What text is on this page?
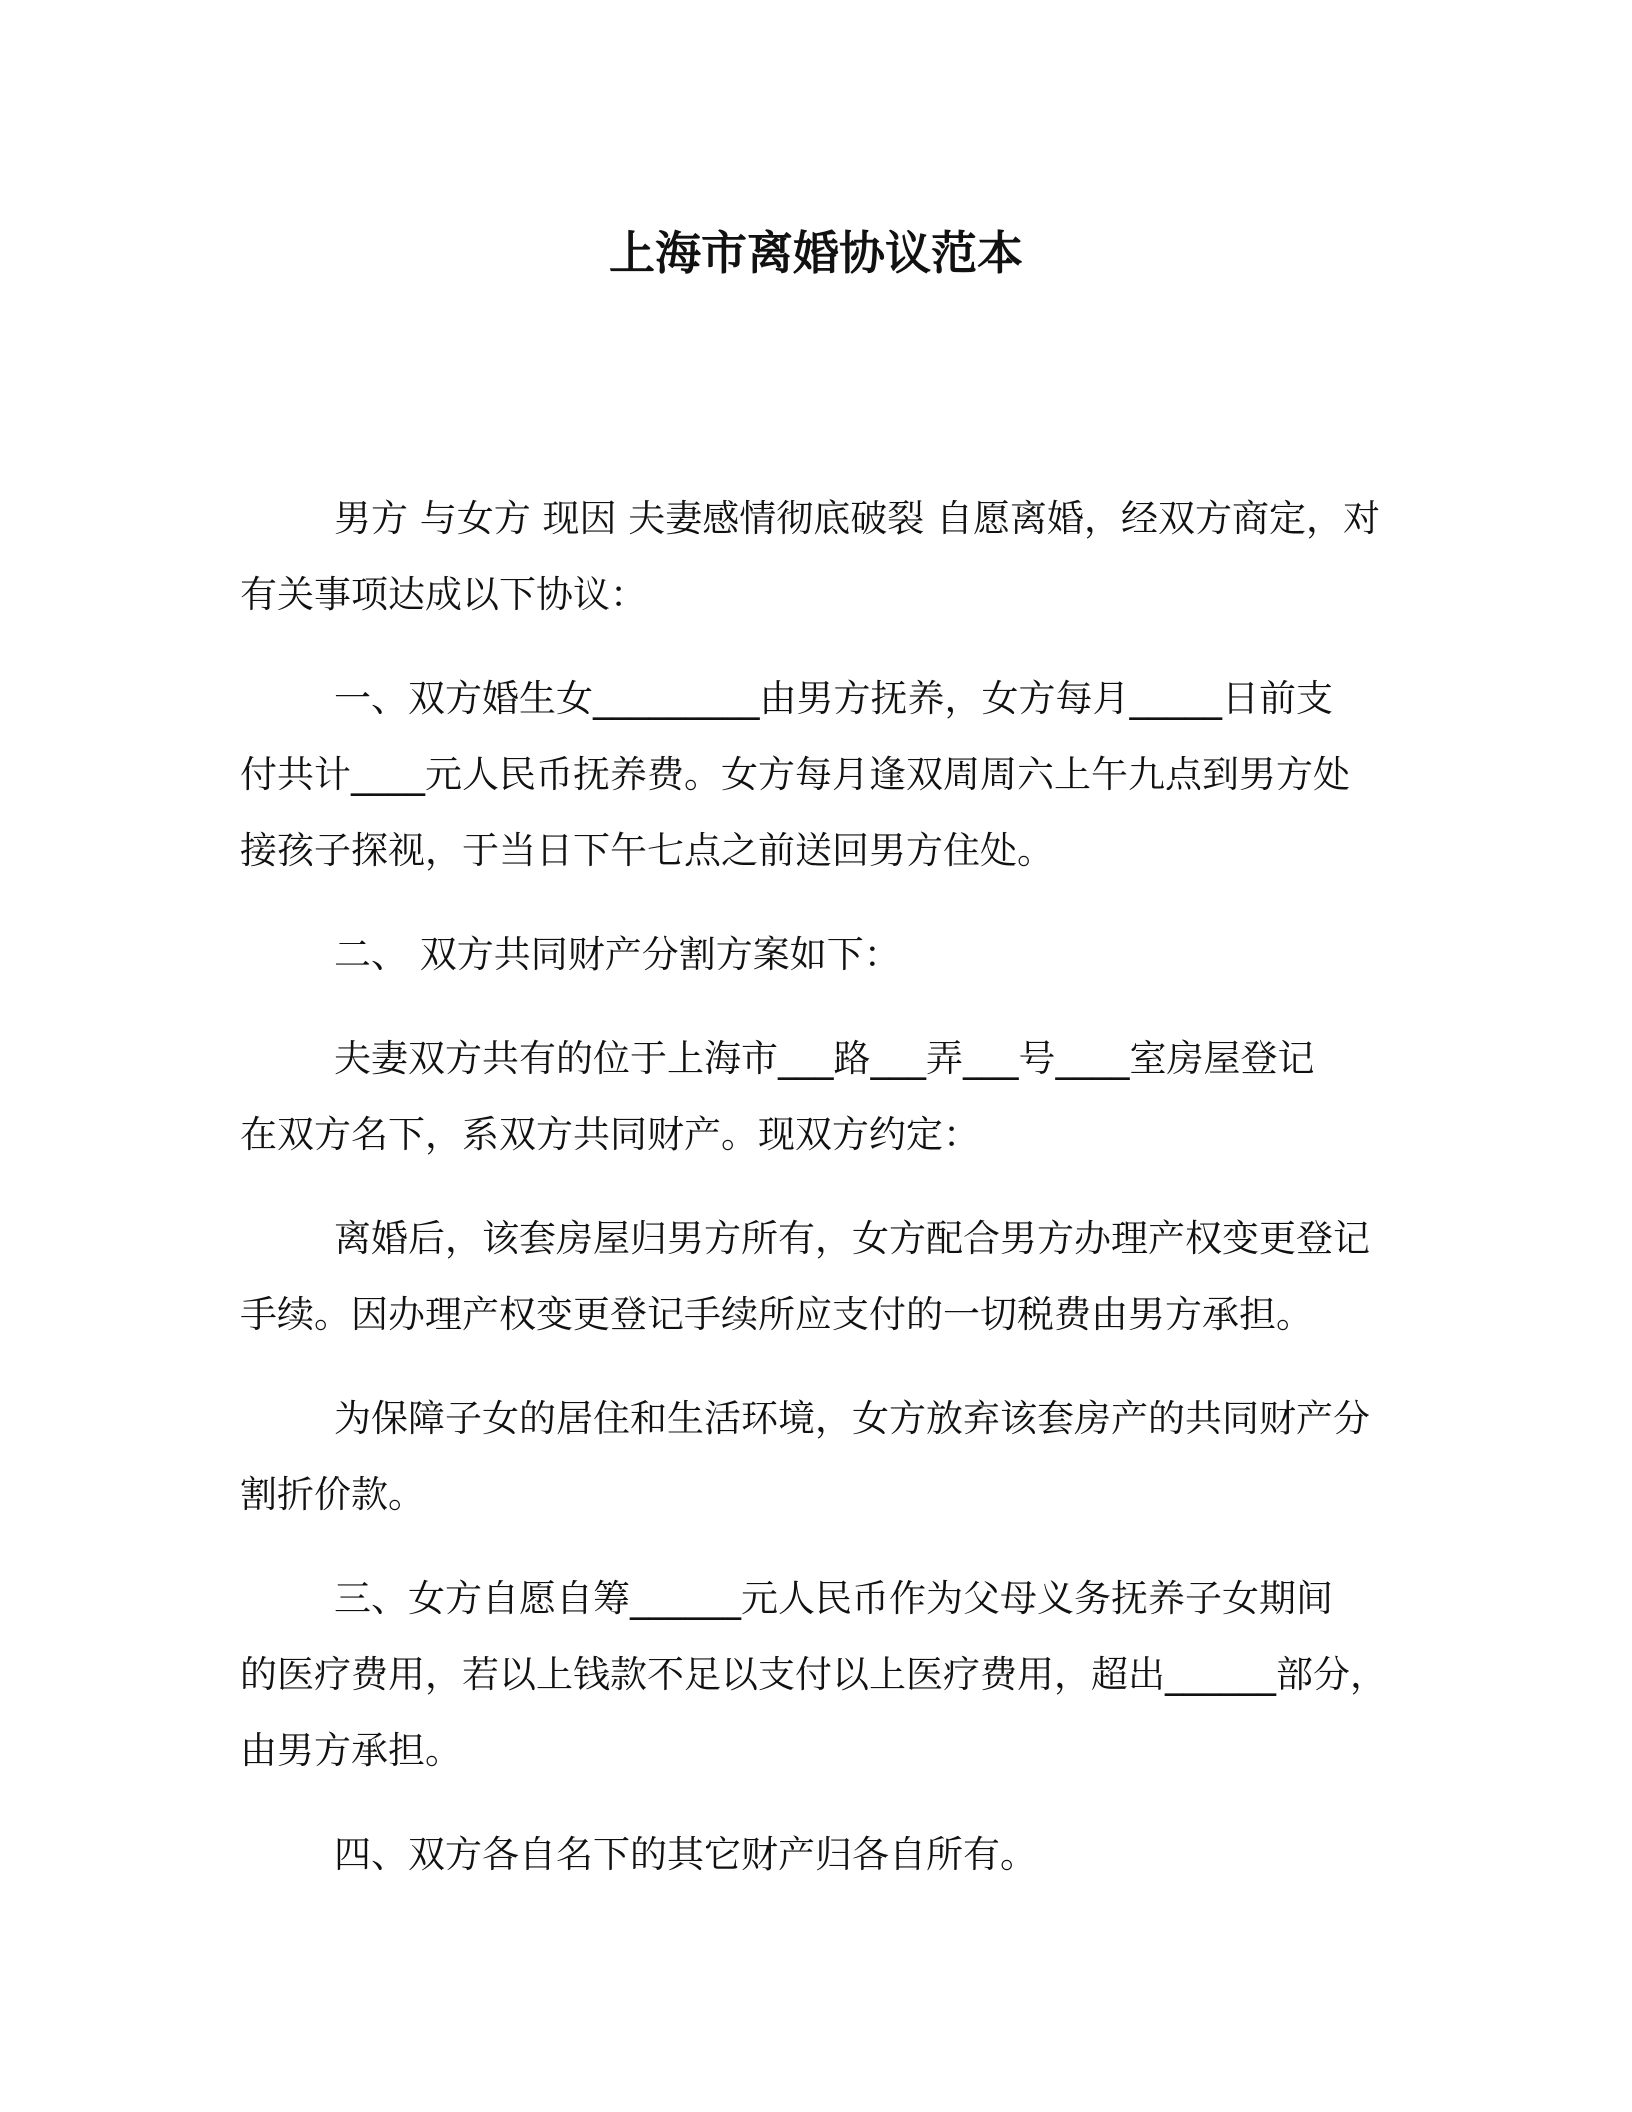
上海市离婚协议范本
男方 与女方 现因 夫妻感情彻底破裂 自愿离婚，经双方商定，对
有关事项达成以下协议：
一、双方婚生女_________由男方抚养，女方每月_____日前支
付共计____元人民币抚养费。女方每月逢双周周六上午九点到男方处
接孩子探视，于当日下午七点之前送回男方住处。
二、 双方共同财产分割方案如下：
夫妻双方共有的位于上海市___路___弄___号____室房屋登记
在双方名下，系双方共同财产。现双方约定：
离婚后，该套房屋归男方所有，女方配合男方办理产权变更登记
手续。因办理产权变更登记手续所应支付的一切税费由男方承担。
为保障子女的居住和生活环境，女方放弃该套房产的共同财产分
割折价款。
三、女方自愿自筹______元人民币作为父母义务抚养子女期间
的医疗费用，若以上钱款不足以支付以上医疗费用，超出______部分，
由男方承担。
四、双方各自名下的其它财产归各自所有。
